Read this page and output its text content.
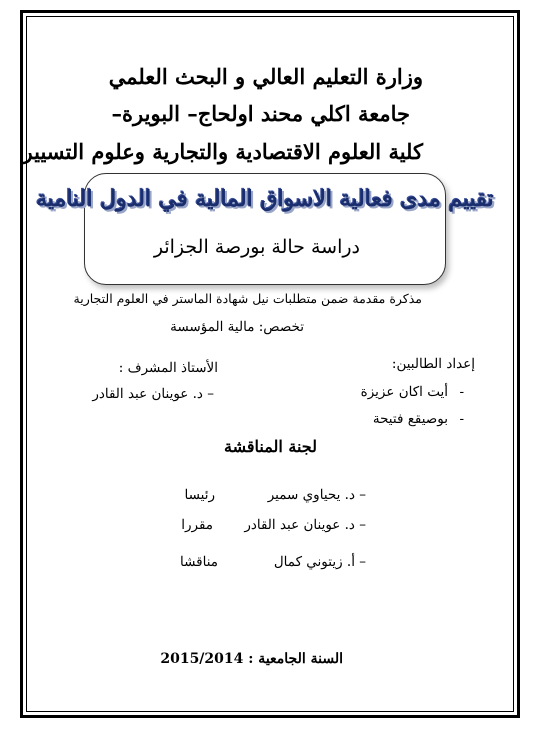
وزارة التعليم العالي و البحث العلمي
جامعة اكلي محند اولحاج– البويرة–
كلية العلوم الاقتصادية والتجارية وعلوم التسيير
تقييم مدى فعالية الاسواق المالية في الدول النامية
دراسة حالة بورصة الجزائر
مذكرة مقدمة ضمن متطلبات نيل شهادة الماستر في العلوم التجارية
تخصص: مالية المؤسسة
إعداد الطالبين:
-
أيت اكان عزيزة
-
بوصيقع فتيحة
الأستاذ المشرف :
– د. عوينان عبد القادر
لجنة المناقشة
– د. يحياوي سمير
رئيسا
– د. عوينان عبد القادر
مقررا
– أ. زيتوني كمال
مناقشا
السنة الجامعية : 2015/2014
